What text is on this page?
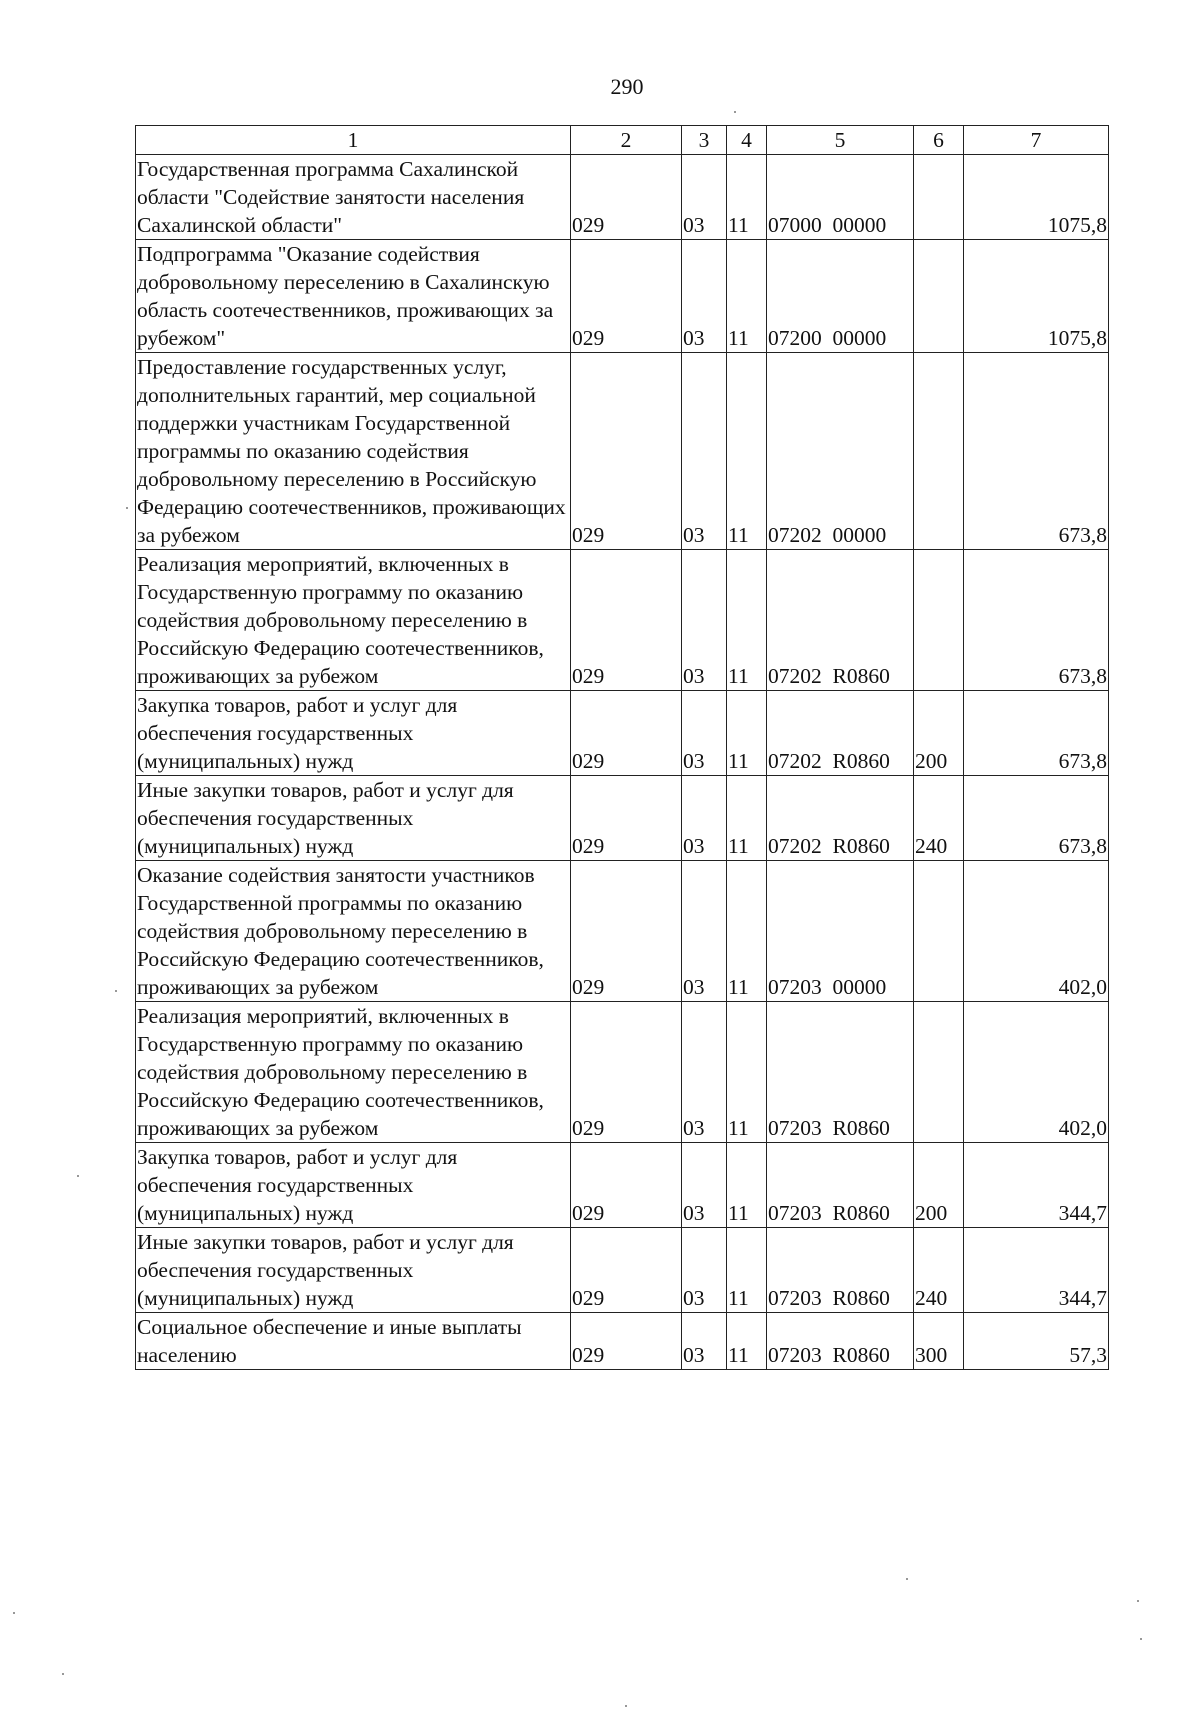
290
1	2	3	4	5	6	7
Государственная программа Сахалинской области "Содействие занятости населения Сахалинской области"	029	03	11	07000  00000		1075,8
Подпрограмма "Оказание содействия добровольному переселению в Сахалинскую область соотечественников, проживающих за рубежом"	029	03	11	07200  00000		1075,8
Предоставление государственных услуг, дополнительных гарантий, мер социальной поддержки участникам Государственной программы по оказанию содействия добровольному переселению в Российскую Федерацию соотечественников, проживающих за рубежом	029	03	11	07202  00000		673,8
Реализация мероприятий, включенных в Государственную программу по оказанию содействия добровольному переселению в Российскую Федерацию соотечественников, проживающих за рубежом	029	03	11	07202  R0860		673,8
Закупка товаров, работ и услуг для обеспечения государственных (муниципальных) нужд	029	03	11	07202  R0860	200	673,8
Иные закупки товаров, работ и услуг для обеспечения государственных (муниципальных) нужд	029	03	11	07202  R0860	240	673,8
Оказание содействия занятости участников Государственной программы по оказанию содействия добровольному переселению в Российскую Федерацию соотечественников, проживающих за рубежом	029	03	11	07203  00000		402,0
Реализация мероприятий, включенных в Государственную программу по оказанию содействия добровольному переселению в Российскую Федерацию соотечественников, проживающих за рубежом	029	03	11	07203  R0860		402,0
Закупка товаров, работ и услуг для обеспечения государственных (муниципальных) нужд	029	03	11	07203  R0860	200	344,7
Иные закупки товаров, работ и услуг для обеспечения государственных (муниципальных) нужд	029	03	11	07203  R0860	240	344,7
Социальное обеспечение и иные выплаты населению	029	03	11	07203  R0860	300	57,3
